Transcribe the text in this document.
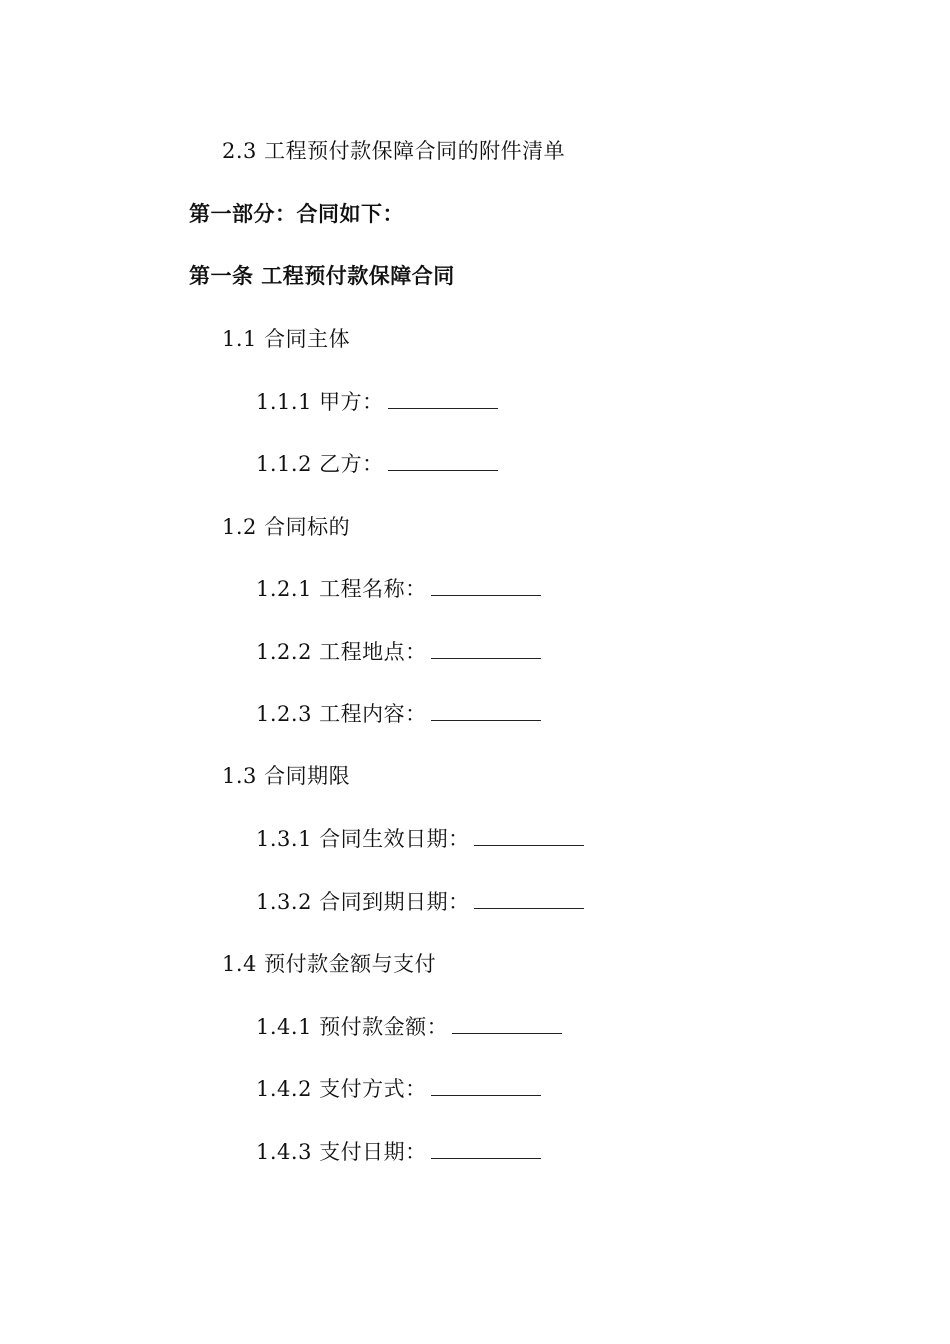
2.3 工程预付款保障合同的附件清单
第一部分：合同如下：
第一条 工程预付款保障合同
1.1 合同主体
1.1.1 甲方：
1.1.2 乙方：
1.2 合同标的
1.2.1 工程名称：
1.2.2 工程地点：
1.2.3 工程内容：
1.3 合同期限
1.3.1 合同生效日期：
1.3.2 合同到期日期：
1.4 预付款金额与支付
1.4.1 预付款金额：
1.4.2 支付方式：
1.4.3 支付日期：
